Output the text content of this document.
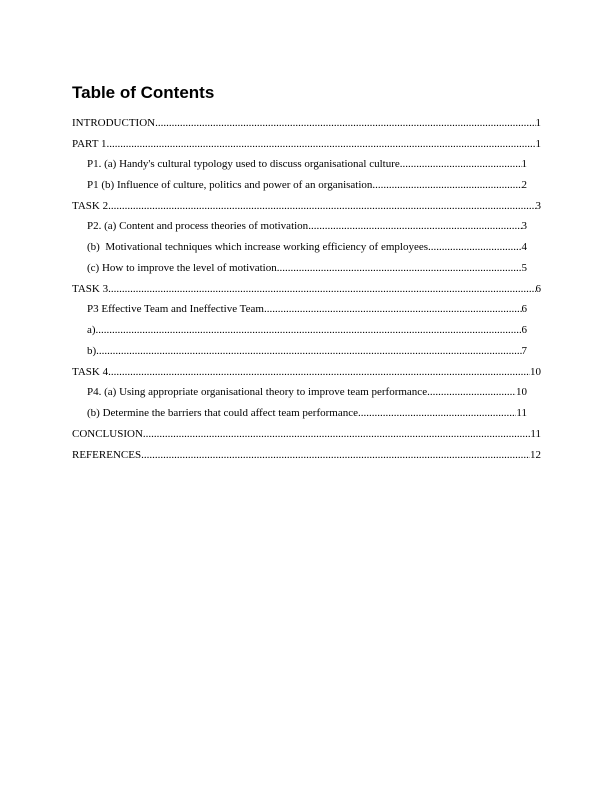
Table of Contents
INTRODUCTION .....	1
PART 1 .....	1
P1. (a) Handy's cultural typology used to discuss organisational culture .....	1
P1 (b) Influence of culture, politics and power of an organisation .....	2
TASK 2 .....	3
P2. (a) Content and process theories of motivation .....	3
(b)  Motivational techniques which increase working efficiency of employees .....	4
(c) How to improve the level of motivation .....	5
TASK 3 .....	6
P3 Effective Team and Ineffective Team .....	6
a) .....	6
b) .....	7
TASK 4 .....	10
P4. (a) Using appropriate organisational theory to improve team performance .....	10
(b) Determine the barriers that could affect team performance .....	11
CONCLUSION .....	11
REFERENCES .....	12
